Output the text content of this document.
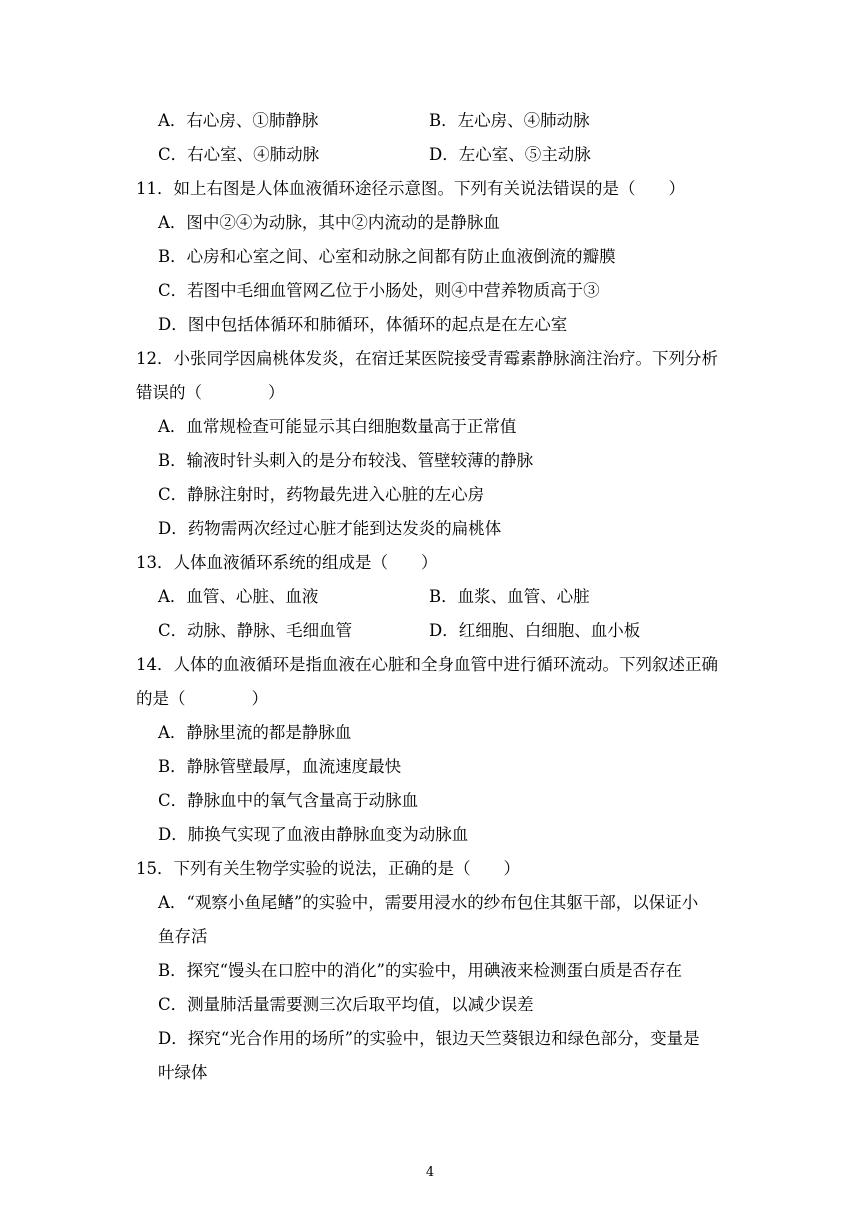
A．右心房、①肺静脉	B．左心房、④肺动脉
C．右心室、④肺动脉	D．左心室、⑤主动脉
11．如上右图是人体血液循环途径示意图。下列有关说法错误的是（　　）
A．图中②④为动脉，其中②内流动的是静脉血
B．心房和心室之间、心室和动脉之间都有防止血液倒流的瓣膜
C．若图中毛细血管网乙位于小肠处，则④中营养物质高于③
D．图中包括体循环和肺循环，体循环的起点是在左心室
12．小张同学因扁桃体发炎，在宿迁某医院接受青霉素静脉滴注治疗。下列分析
错误的（　　　　）
A．血常规检查可能显示其白细胞数量高于正常值
B．输液时针头刺入的是分布较浅、管壁较薄的静脉
C．静脉注射时，药物最先进入心脏的左心房
D．药物需两次经过心脏才能到达发炎的扁桃体
13．人体血液循环系统的组成是（　　）
A．血管、心脏、血液	B．血浆、血管、心脏
C．动脉、静脉、毛细血管	D．红细胞、白细胞、血小板
14．人体的血液循环是指血液在心脏和全身血管中进行循环流动。下列叙述正确
的是（　　　　）
A．静脉里流的都是静脉血
B．静脉管壁最厚，血流速度最快
C．静脉血中的氧气含量高于动脉血
D．肺换气实现了血液由静脉血变为动脉血
15．下列有关生物学实验的说法，正确的是（　　）
A．“观察小鱼尾鳍”的实验中，需要用浸水的纱布包住其躯干部，以保证小
鱼存活
B．探究“馒头在口腔中的消化”的实验中，用碘液来检测蛋白质是否存在
C．测量肺活量需要测三次后取平均值，以减少误差
D．探究“光合作用的场所”的实验中，银边天竺葵银边和绿色部分，变量是
叶绿体
4
